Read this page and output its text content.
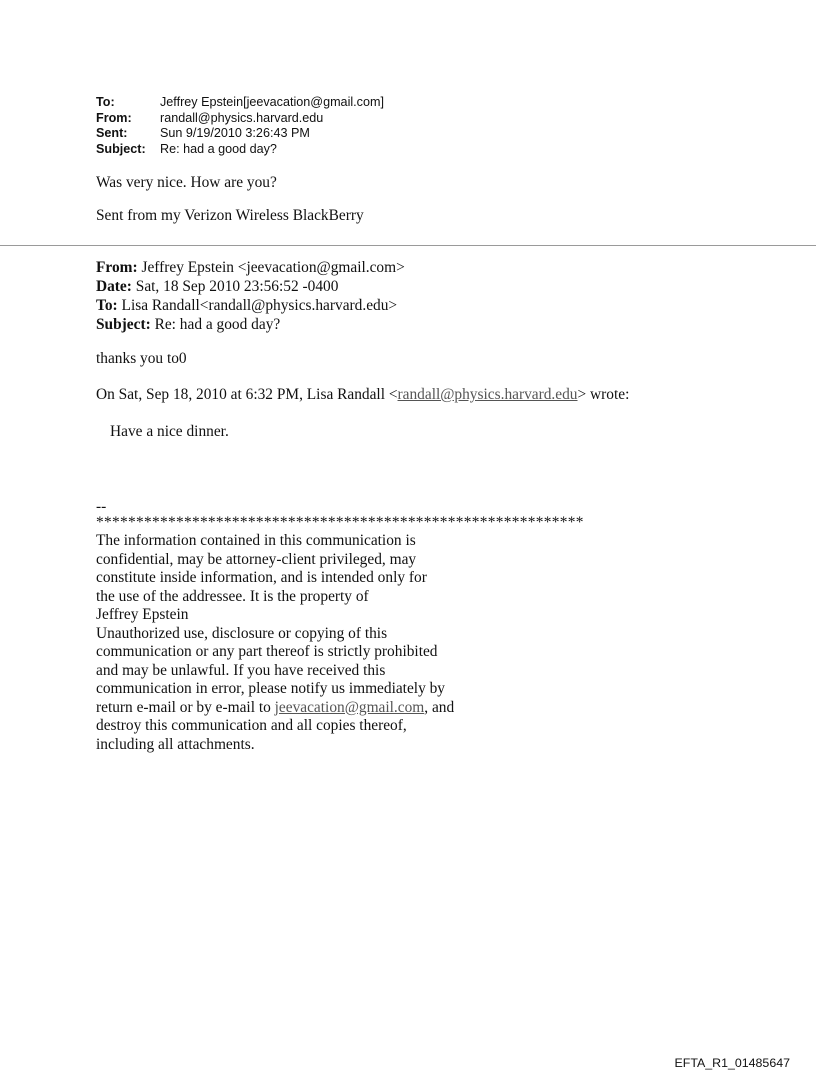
To:	Jeffrey Epstein[jeevacation@gmail.com]
From:	randall@physics.harvard.edu
Sent:	Sun 9/19/2010 3:26:43 PM
Subject:	Re: had a good day?
Was very nice. How are you?
Sent from my Verizon Wireless BlackBerry
From: Jeffrey Epstein <jeevacation@gmail.com>
Date: Sat, 18 Sep 2010 23:56:52 -0400
To: Lisa Randall<randall@physics.harvard.edu>
Subject: Re: had a good day?
thanks you to0
On Sat, Sep 18, 2010 at 6:32 PM, Lisa Randall <randall@physics.harvard.edu> wrote:
Have a nice dinner.
--
*************************************************************
The information contained in this communication is
confidential, may be attorney-client privileged, may
constitute inside information, and is intended only for
the use of the addressee. It is the property of
Jeffrey Epstein
Unauthorized use, disclosure or copying of this
communication or any part thereof is strictly prohibited
and may be unlawful. If you have received this
communication in error, please notify us immediately by
return e-mail or by e-mail to jeevacation@gmail.com, and
destroy this communication and all copies thereof,
including all attachments.
EFTA_R1_01485647
